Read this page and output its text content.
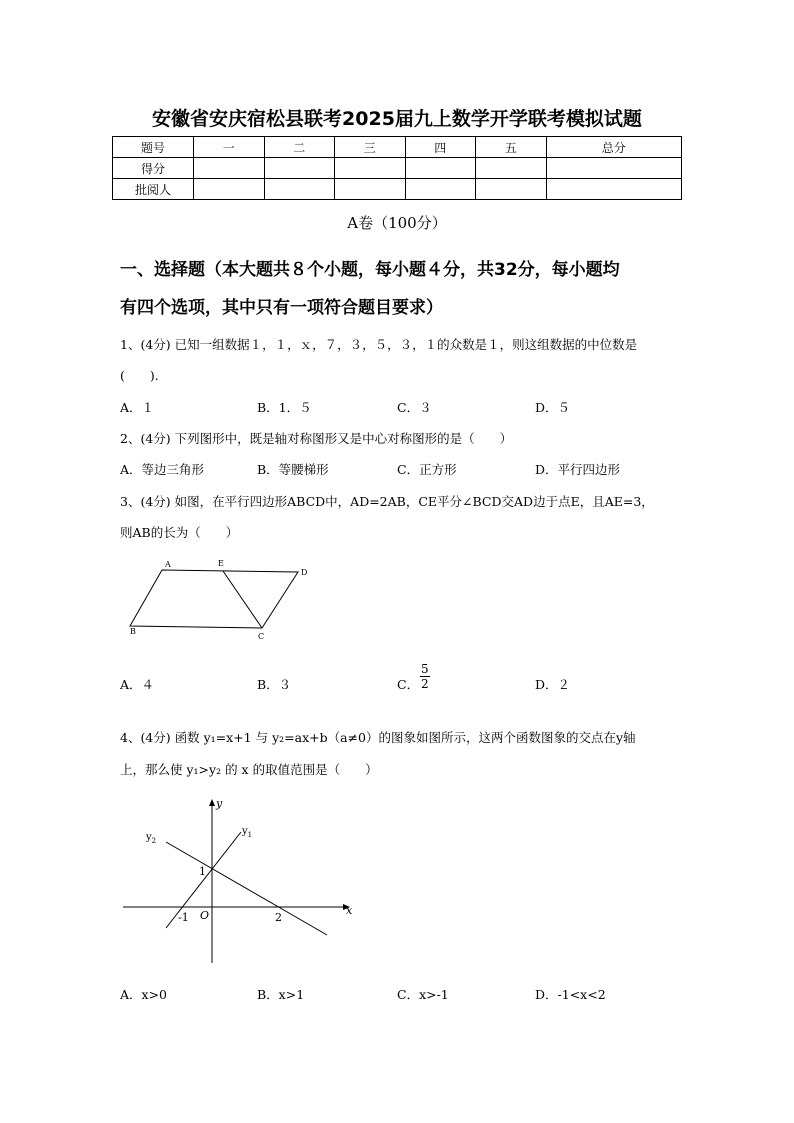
安徽省安庆宿松县联考2025届九上数学开学联考模拟试题
题号	一	二	三	四	五	总分
得分						
批阅人						
A卷（100分）
一、选择题（本大题共８个小题，每小题４分，共32分，每小题均
有四个选项，其中只有一项符合题目要求）
1、(4分) 已知一组数据１，１，ｘ，７，３，５，３，１的众数是１，则这组数据的中位数是
(　　).
A．１	B．1．５	C．３	D．５
2、(4分) 下列图形中，既是轴对称图形又是中心对称图形的是（　　）
A．等边三角形	B．等腰梯形	C．正方形	D．平行四边形
3、(4分) 如图，在平行四边形ABCD中，AD=2AB，CE平分∠BCD交AD边于点E，且AE=3，
则AB的长为（　　）
A	E
D
B
C
A．４	B．３	C． $\frac{5}{2}$	D．２
4、(4分) 函数 y₁=x+1 与 y₂=ax+b（a≠0）的图象如图所示，这两个函数图象的交点在y轴
上，那么使 y₁>y₂ 的 x 的取值范围是（　　）
y
x
$y_1$
$y_2$
1
-1 O	2
A．x>0	B．x>1	C．x>-1	D．-1<x<2
